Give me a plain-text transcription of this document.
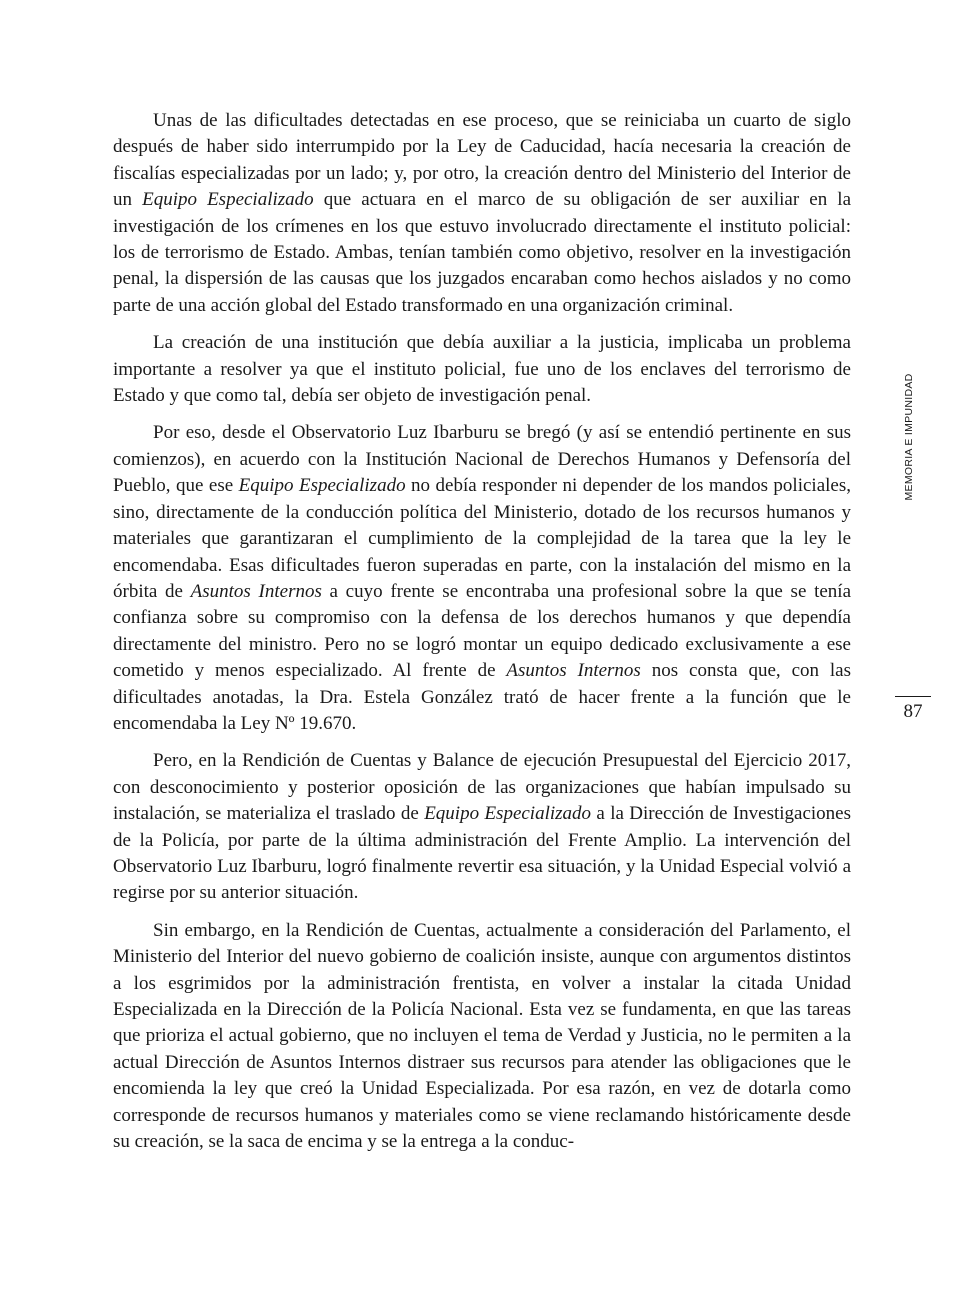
Unas de las dificultades detectadas en ese proceso, que se reiniciaba un cuarto de siglo después de haber sido interrumpido por la Ley de Caducidad, hacía necesaria la creación de fiscalías especializadas por un lado; y, por otro, la creación dentro del Ministerio del Interior de un Equipo Especializado que actuara en el marco de su obligación de ser auxiliar en la investigación de los crímenes en los que estuvo involucrado directamente el instituto policial: los de terrorismo de Estado. Ambas, tenían también como objetivo, resolver en la investigación penal, la dispersión de las causas que los juzgados encaraban como hechos aislados y no como parte de una acción global del Estado transformado en una organización criminal.

La creación de una institución que debía auxiliar a la justicia, implicaba un problema importante a resolver ya que el instituto policial, fue uno de los enclaves del terrorismo de Estado y que como tal, debía ser objeto de investigación penal.

Por eso, desde el Observatorio Luz Ibarburu se bregó (y así se entendió pertinente en sus comienzos), en acuerdo con la Institución Nacional de Derechos Humanos y Defensoría del Pueblo, que ese Equipo Especializado no debía responder ni depender de los mandos policiales, sino, directamente de la conducción política del Ministerio, dotado de los recursos humanos y materiales que garantizaran el cumplimiento de la complejidad de la tarea que la ley le encomendaba. Esas dificultades fueron superadas en parte, con la instalación del mismo en la órbita de Asuntos Internos a cuyo frente se encontraba una profesional sobre la que se tenía confianza sobre su compromiso con la defensa de los derechos humanos y que dependía directamente del ministro. Pero no se logró montar un equipo dedicado exclusivamente a ese cometido y menos especializado. Al frente de Asuntos Internos nos consta que, con las dificultades anotadas, la Dra. Estela González trató de hacer frente a la función que le encomendaba la Ley Nº 19.670.

Pero, en la Rendición de Cuentas y Balance de ejecución Presupuestal del Ejercicio 2017, con desconocimiento y posterior oposición de las organizaciones que habían impulsado su instalación, se materializa el traslado de Equipo Especializado a la Dirección de Investigaciones de la Policía, por parte de la última administración del Frente Amplio. La intervención del Observatorio Luz Ibarburu, logró finalmente revertir esa situación, y la Unidad Especial volvió a regirse por su anterior situación.

Sin embargo, en la Rendición de Cuentas, actualmente a consideración del Parlamento, el Ministerio del Interior del nuevo gobierno de coalición insiste, aunque con argumentos distintos a los esgrimidos por la administración frentista, en volver a instalar la citada Unidad Especializada en la Dirección de la Policía Nacional. Esta vez se fundamenta, en que las tareas que prioriza el actual gobierno, que no incluyen el tema de Verdad y Justicia, no le permiten a la actual Dirección de Asuntos Internos distraer sus recursos para atender las obligaciones que le encomienda la ley que creó la Unidad Especializada. Por esa razón, en vez de dotarla como corresponde de recursos humanos y materiales como se viene reclamando históricamente desde su creación, se la saca de encima y se la entrega a la conduc-

MEMORIA E IMPUNIDAD
87
